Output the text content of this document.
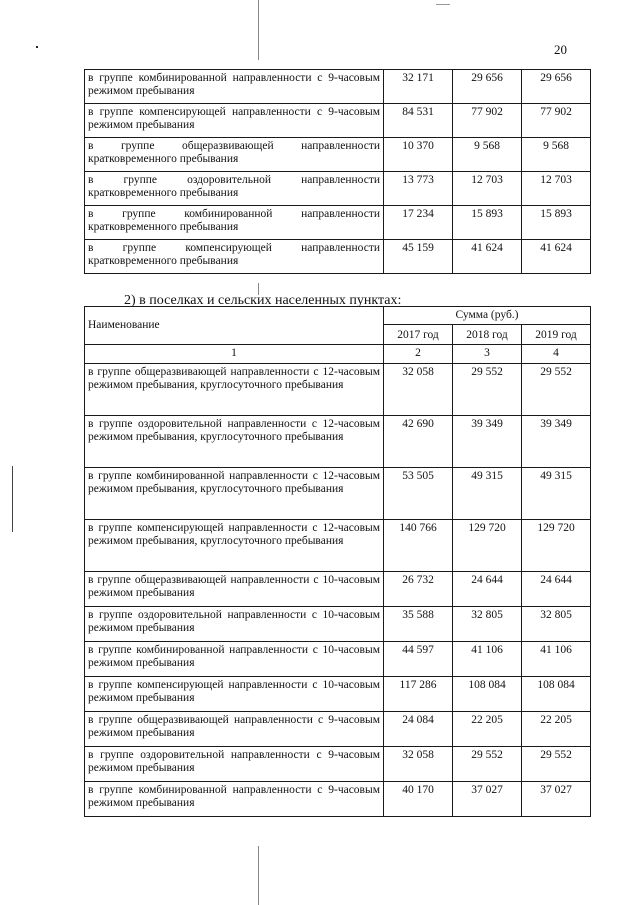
20
в группе комбинированной направленности с 9-часовым режимом пребывания	32 171	29 656	29 656
в группе компенсирующей направленности с 9-часовым режимом пребывания	84 531	77 902	77 902
в группе общеразвивающей направленности кратковременного пребывания	10 370	9 568	9 568
в группе оздоровительной направленности кратковременного пребывания	13 773	12 703	12 703
в группе комбинированной направленности кратковременного пребывания	17 234	15 893	15 893
в группе компенсирующей направленности кратковременного пребывания	45 159	41 624	41 624
2) в поселках и сельских населенных пунктах:
Наименование	Сумма (руб.)		
	2017 год	2018 год	2019 год
1	2	3	4
в группе общеразвивающей направленности с 12-часовым режимом пребывания, круглосуточного пребывания	32 058	29 552	29 552
в группе оздоровительной направленности с 12-часовым режимом пребывания, круглосуточного пребывания	42 690	39 349	39 349
в группе комбинированной направленности с 12-часовым режимом пребывания, круглосуточного пребывания	53 505	49 315	49 315
в группе компенсирующей направленности с 12-часовым режимом пребывания, круглосуточного пребывания	140 766	129 720	129 720
в группе общеразвивающей направленности с 10-часовым режимом пребывания	26 732	24 644	24 644
в группе оздоровительной направленности с 10-часовым режимом пребывания	35 588	32 805	32 805
в группе комбинированной направленности с 10-часовым режимом пребывания	44 597	41 106	41 106
в группе компенсирующей направленности с 10-часовым режимом пребывания	117 286	108 084	108 084
в группе общеразвивающей направленности с 9-часовым режимом пребывания	24 084	22 205	22 205
в группе оздоровительной направленности с 9-часовым режимом пребывания	32 058	29 552	29 552
в группе комбинированной направленности с 9-часовым режимом пребывания	40 170	37 027	37 027
